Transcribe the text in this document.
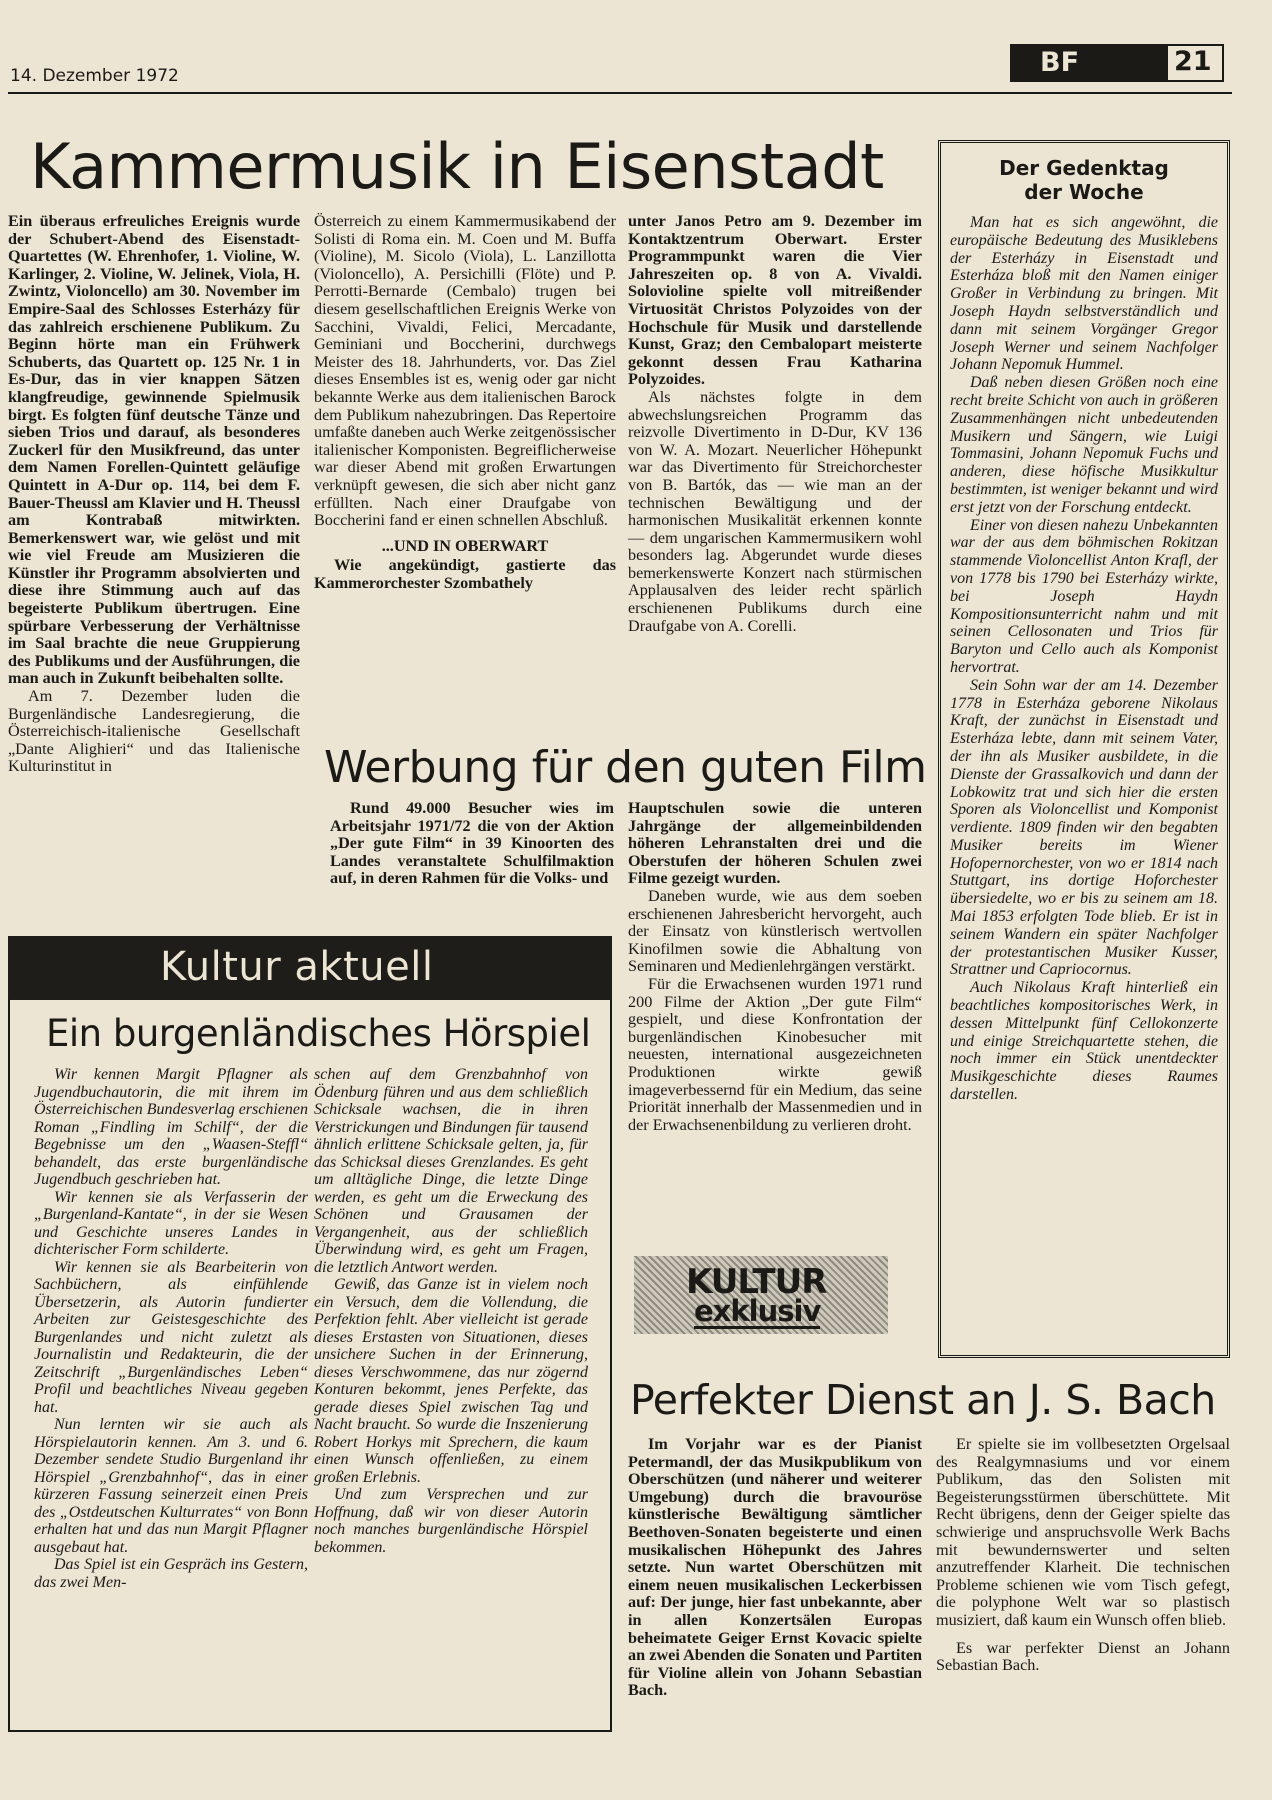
14. Dezember 1972	BF	21
Kammermusik in Eisenstadt

Ein überaus erfreuliches Ereignis wurde der Schubert-Abend des Eisenstadt-Quartettes (W. Ehrenhofer, 1. Violine, W. Karlinger, 2. Violine, W. Jelinek, Viola, H. Zwintz, Violoncello) am 30. November im Empire-Saal des Schlosses Esterházy für das zahlreich erschienene Publikum. Zu Beginn hörte man ein Frühwerk Schuberts, das Quartett op. 125 Nr. 1 in Es-Dur, das in vier knappen Sätzen klangfreudige, gewinnende Spielmusik birgt. Es folgten fünf deutsche Tänze und sieben Trios und darauf, als besonderes Zuckerl für den Musikfreund, das unter dem Namen Forellen-Quintett geläufige Quintett in A-Dur op. 114, bei dem F. Bauer-Theussl am Klavier und H. Theussl am Kontrabaß mitwirkten. Bemerkenswert war, wie gelöst und mit wie viel Freude am Musizieren die Künstler ihr Programm absolvierten und diese ihre Stimmung auch auf das begeisterte Publikum übertrugen. Eine spürbare Verbesserung der Verhältnisse im Saal brachte die neue Gruppierung des Publikums und der Ausführungen, die man auch in Zukunft beibehalten sollte.

Am 7. Dezember luden die Burgenländische Landesregierung, die Österreichisch-italienische Gesellschaft „Dante Alighieri“ und das Italienische Kulturinstitut in

Österreich zu einem Kammermusikabend der Solisti di Roma ein. M. Coen und M. Buffa (Violine), M. Sicolo (Viola), L. Lanzillotta (Violoncello), A. Persichilli (Flöte) und P. Perrotti-Bernarde (Cembalo) trugen bei diesem gesellschaftlichen Ereignis Werke von Sacchini, Vivaldi, Felici, Mercadante, Geminiani und Boccherini, durchwegs Meister des 18. Jahrhunderts, vor. Das Ziel dieses Ensembles ist es, wenig oder gar nicht bekannte Werke aus dem italienischen Barock dem Publikum nahezubringen. Das Repertoire umfaßte daneben auch Werke zeitgenössischer italienischer Komponisten. Begreiflicherweise war dieser Abend mit großen Erwartungen verknüpft gewesen, die sich aber nicht ganz erfüllten. Nach einer Draufgabe von Boccherini fand er einen schnellen Abschluß.

...UND IN OBERWART

Wie angekündigt, gastierte das Kammerorchester Szombathely

unter Janos Petro am 9. Dezember im Kontaktzentrum Oberwart. Erster Programmpunkt waren die Vier Jahreszeiten op. 8 von A. Vivaldi. Solovioline spielte voll mitreißender Virtuosität Christos Polyzoides von der Hochschule für Musik und darstellende Kunst, Graz; den Cembalopart meisterte gekonnt dessen Frau Katharina Polyzoides.

Als nächstes folgte in dem abwechslungsreichen Programm das reizvolle Divertimento in D-Dur, KV 136 von W. A. Mozart. Neuerlicher Höhepunkt war das Divertimento für Streichorchester von B. Bartók, das — wie man an der technischen Bewältigung und der harmonischen Musikalität erkennen konnte — dem ungarischen Kammermusikern wohl besonders lag. Abgerundet wurde dieses bemerkenswerte Konzert nach stürmischen Applausalven des leider recht spärlich erschienenen Publikums durch eine Draufgabe von A. Corelli.

Der Gedenktag
der Woche

Man hat es sich angewöhnt, die europäische Bedeutung des Musiklebens der Esterházy in Eisenstadt und Esterháza bloß mit den Namen einiger Großer in Verbindung zu bringen. Mit Joseph Haydn selbstverständlich und dann mit seinem Vorgänger Gregor Joseph Werner und seinem Nachfolger Johann Nepomuk Hummel.

Daß neben diesen Größen noch eine recht breite Schicht von auch in größeren Zusammenhängen nicht unbedeutenden Musikern und Sängern, wie Luigi Tommasini, Johann Nepomuk Fuchs und anderen, diese höfische Musikkultur bestimmten, ist weniger bekannt und wird erst jetzt von der Forschung entdeckt.

Einer von diesen nahezu Unbekannten war der aus dem böhmischen Rokitzan stammende Violoncellist Anton Krafl, der von 1778 bis 1790 bei Esterházy wirkte, bei Joseph Haydn Kompositionsunterricht nahm und mit seinen Cellosonaten und Trios für Baryton und Cello auch als Komponist hervortrat.

Sein Sohn war der am 14. Dezember 1778 in Esterháza geborene Nikolaus Kraft, der zunächst in Eisenstadt und Esterháza lebte, dann mit seinem Vater, der ihn als Musiker ausbildete, in die Dienste der Grassalkovich und dann der Lobkowitz trat und sich hier die ersten Sporen als Violoncellist und Komponist verdiente. 1809 finden wir den begabten Musiker bereits im Wiener Hofopernorchester, von wo er 1814 nach Stuttgart, ins dortige Hoforchester übersiedelte, wo er bis zu seinem am 18. Mai 1853 erfolgten Tode blieb. Er ist in seinem Wandern ein später Nachfolger der protestantischen Musiker Kusser, Strattner und Capriocornus.

Auch Nikolaus Kraft hinterließ ein beachtliches kompositorisches Werk, in dessen Mittelpunkt fünf Cellokonzerte und einige Streichquartette stehen, die noch immer ein Stück unentdeckter Musikgeschichte dieses Raumes darstellen.

Werbung für den guten Film

Rund 49.000 Besucher wies im Arbeitsjahr 1971/72 die von der Aktion „Der gute Film“ in 39 Kinoorten des Landes veranstaltete Schulfilmaktion auf, in deren Rahmen für die Volks- und

Hauptschulen sowie die unteren Jahrgänge der allgemeinbildenden höheren Lehranstalten drei und die Oberstufen der höheren Schulen zwei Filme gezeigt wurden.

Daneben wurde, wie aus dem soeben erschienenen Jahresbericht hervorgeht, auch der Einsatz von künstlerisch wertvollen Kinofilmen sowie die Abhaltung von Seminaren und Medienlehrgängen verstärkt.

Für die Erwachsenen wurden 1971 rund 200 Filme der Aktion „Der gute Film“ gespielt, und diese Konfrontation der burgenländischen Kinobesucher mit neuesten, international ausgezeichneten Produktionen wirkte gewiß imageverbessernd für ein Medium, das seine Priorität innerhalb der Massenmedien und in der Erwachsenenbildung zu verlieren droht.

Kultur aktuell
Ein burgenländisches Hörspiel

Wir kennen Margit Pflagner als Jugendbuchautorin, die mit ihrem im Österreichischen Bundesverlag erschienen Roman „Findling im Schilf“, der die Begebnisse um den „Waasen-Steffl“ behandelt, das erste burgenländische Jugendbuch geschrieben hat.

Wir kennen sie als Verfasserin der „Burgenland-Kantate“, in der sie Wesen und Geschichte unseres Landes in dichterischer Form schilderte.

Wir kennen sie als Bearbeiterin von Sachbüchern, als einfühlende Übersetzerin, als Autorin fundierter Arbeiten zur Geistesgeschichte des Burgenlandes und nicht zuletzt als Journalistin und Redakteurin, die der Zeitschrift „Burgenländisches Leben“ Profil und beachtliches Niveau gegeben hat.

Nun lernten wir sie auch als Hörspielautorin kennen. Am 3. und 6. Dezember sendete Studio Burgenland ihr Hörspiel „Grenzbahnhof“, das in einer kürzeren Fassung seinerzeit einen Preis des „Ostdeutschen Kulturrates“ von Bonn erhalten hat und das nun Margit Pflagner ausgebaut hat.

Das Spiel ist ein Gespräch ins Gestern, das zwei Men-

schen auf dem Grenzbahnhof von Ödenburg führen und aus dem schließlich Schicksale wachsen, die in ihren Verstrickungen und Bindungen für tausend ähnlich erlittene Schicksale gelten, ja, für das Schicksal dieses Grenzlandes. Es geht um alltägliche Dinge, die letzte Dinge werden, es geht um die Erweckung des Schönen und Grausamen der Vergangenheit, aus der schließlich Überwindung wird, es geht um Fragen, die letztlich Antwort werden.

Gewiß, das Ganze ist in vielem noch ein Versuch, dem die Vollendung, die Perfektion fehlt. Aber vielleicht ist gerade dieses Erstasten von Situationen, dieses unsichere Suchen in der Erinnerung, dieses Verschwommene, das nur zögernd Konturen bekommt, jenes Perfekte, das gerade dieses Spiel zwischen Tag und Nacht braucht. So wurde die Inszenierung Robert Horkys mit Sprechern, die kaum einen Wunsch offenließen, zu einem großen Erlebnis.

Und zum Versprechen und zur Hoffnung, daß wir von dieser Autorin noch manches burgenländische Hörspiel bekommen.

KULTUR
exklusiv
Perfekter Dienst an J. S. Bach

Im Vorjahr war es der Pianist Petermandl, der das Musikpublikum von Oberschützen (und näherer und weiterer Umgebung) durch die bravouröse künstlerische Bewältigung sämtlicher Beethoven-Sonaten begeisterte und einen musikalischen Höhepunkt des Jahres setzte. Nun wartet Oberschützen mit einem neuen musikalischen Leckerbissen auf: Der junge, hier fast unbekannte, aber in allen Konzertsälen Europas beheimatete Geiger Ernst Kovacic spielte an zwei Abenden die Sonaten und Partiten für Violine allein von Johann Sebastian Bach.

Er spielte sie im vollbesetzten Orgelsaal des Realgymnasiums und vor einem Publikum, das den Solisten mit Begeisterungsstürmen überschüttete. Mit Recht übrigens, denn der Geiger spielte das schwierige und anspruchsvolle Werk Bachs mit bewundernswerter und selten anzutreffender Klarheit. Die technischen Probleme schienen wie vom Tisch gefegt, die polyphone Welt war so plastisch musiziert, daß kaum ein Wunsch offen blieb.

Es war perfekter Dienst an Johann Sebastian Bach.
